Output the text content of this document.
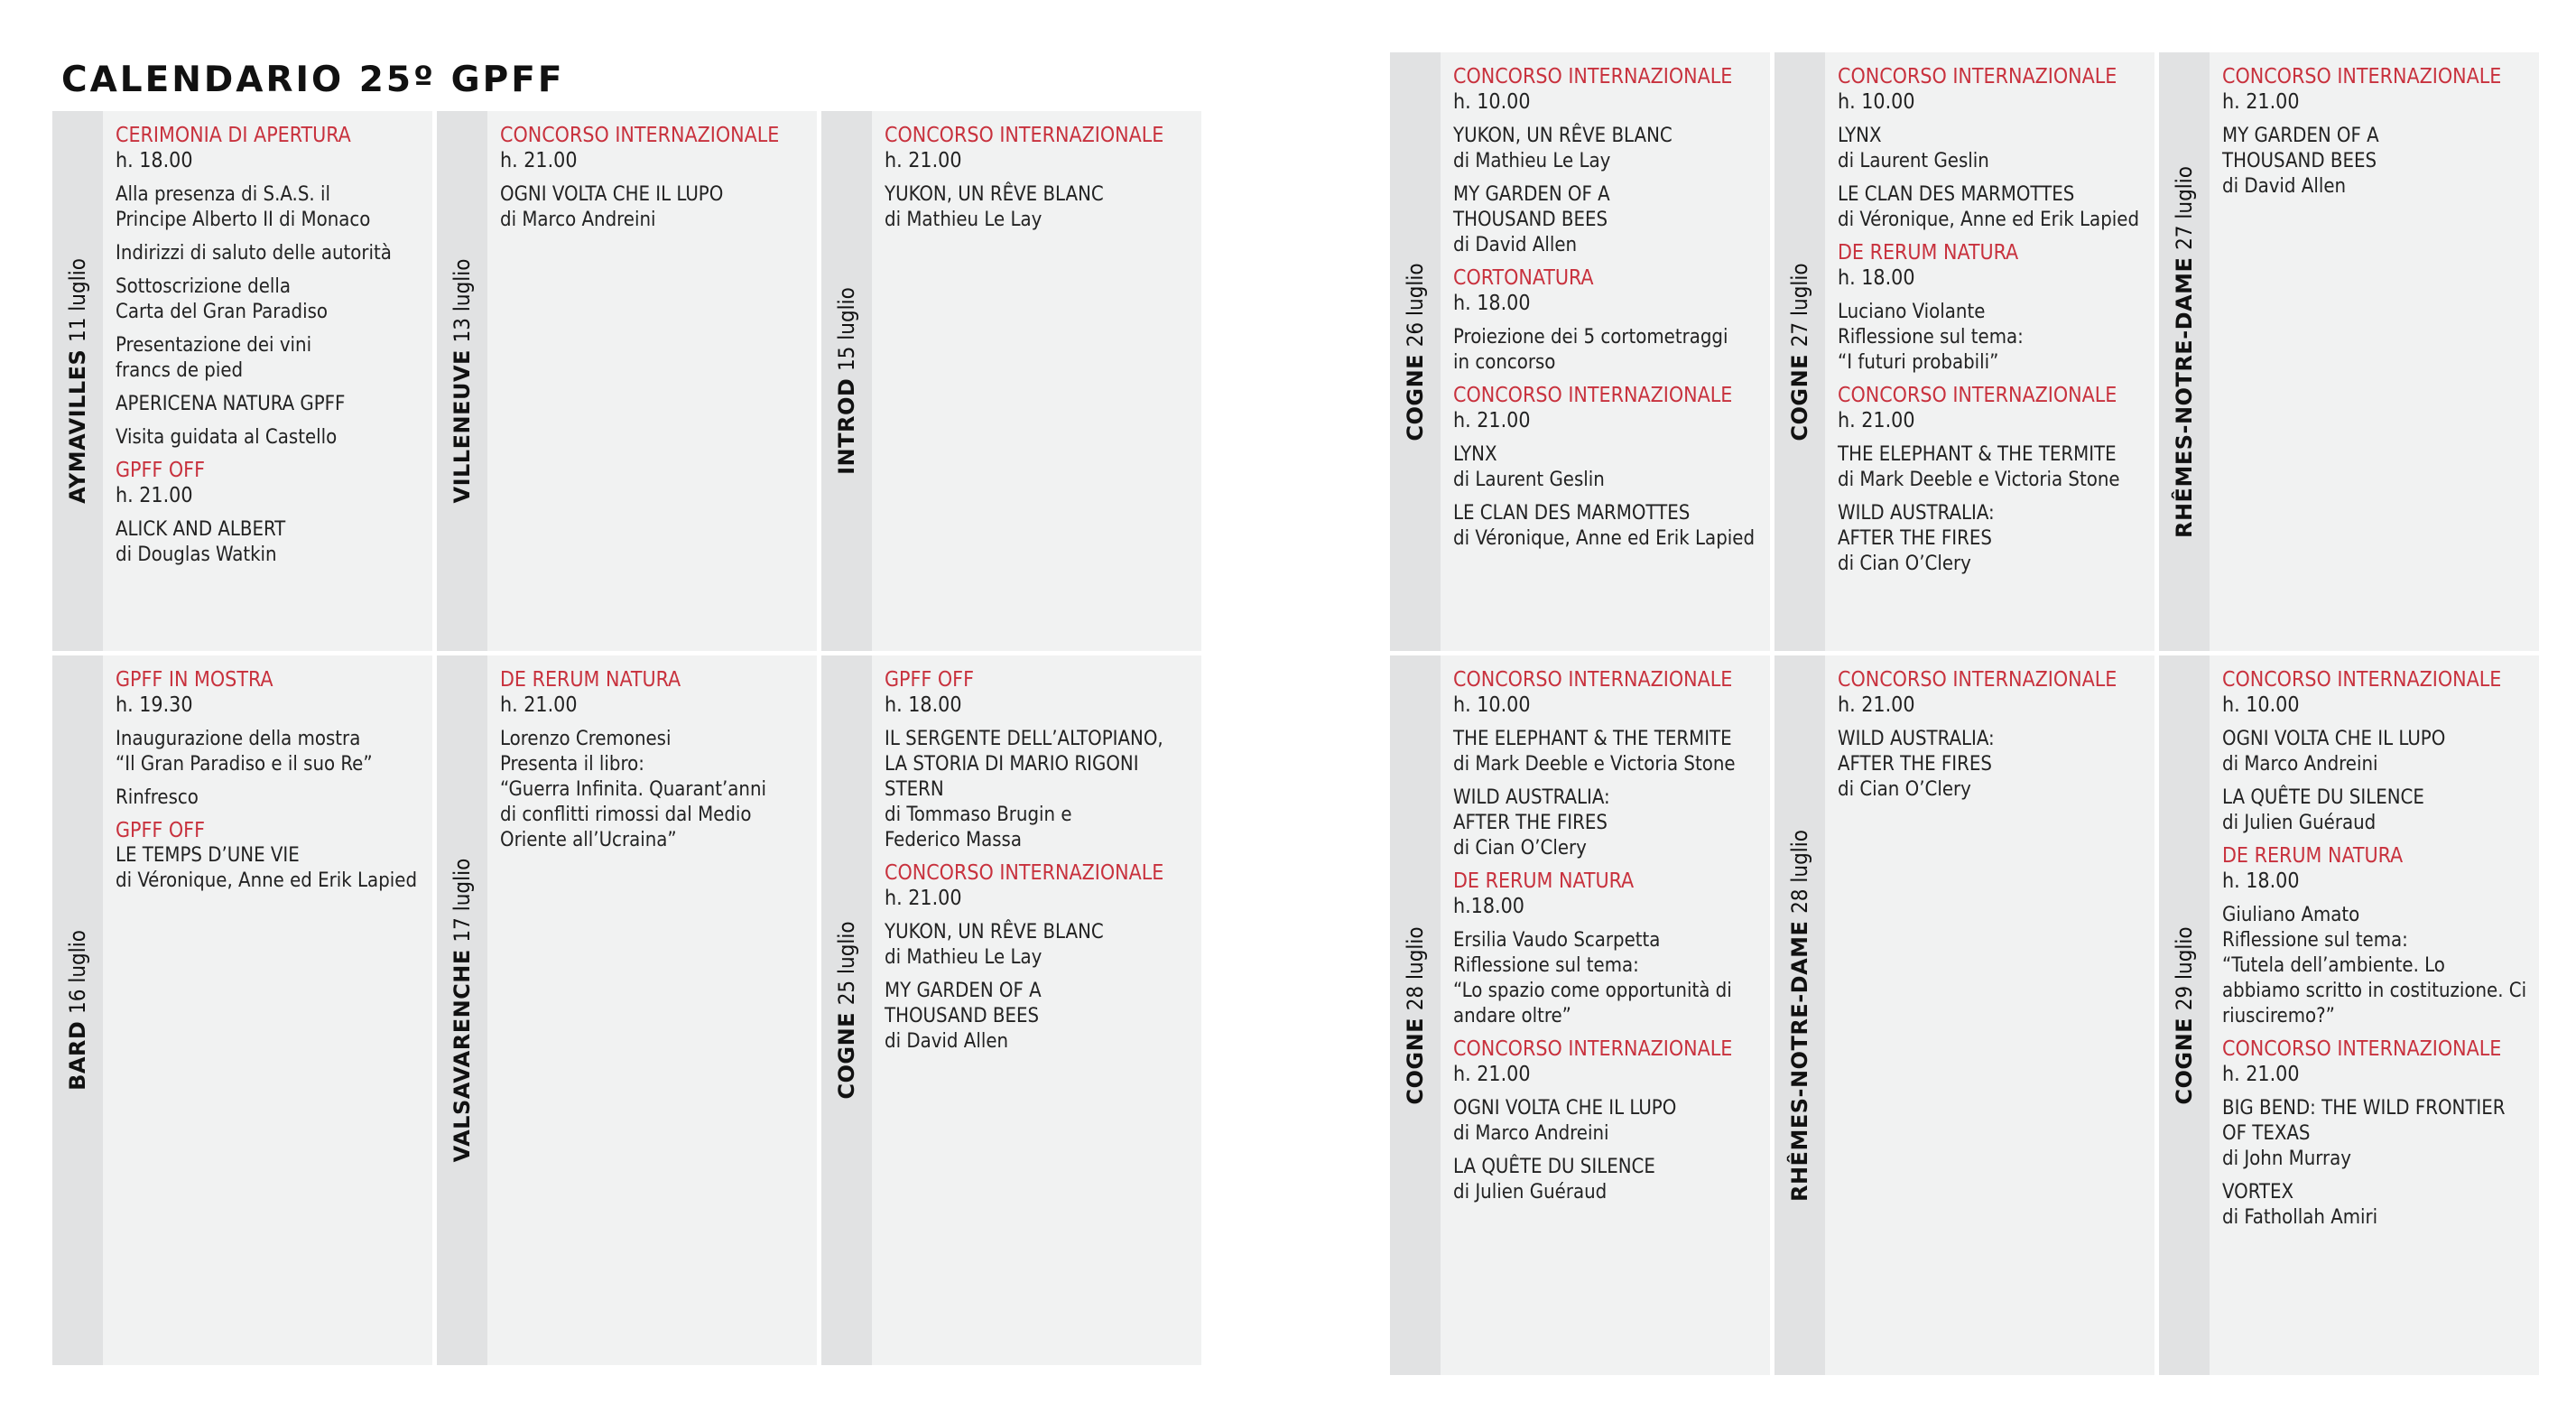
CALENDARIO 25º GPFF
AYMAVILLES 11 luglio
CERIMONIA DI APERTURA
h. 18.00
Alla presenza di S.A.S. il
Principe Alberto II di Monaco
Indirizzi di saluto delle autorità
Sottoscrizione della
Carta del Gran Paradiso
Presentazione dei vini
francs de pied
APERICENA NATURA GPFF
Visita guidata al Castello
GPFF OFF
h. 21.00
ALICK AND ALBERT
di Douglas Watkin
VILLENEUVE 13 luglio
CONCORSO INTERNAZIONALE
h. 21.00
OGNI VOLTA CHE IL LUPO
di Marco Andreini
INTROD 15 luglio
CONCORSO INTERNAZIONALE
h. 21.00
YUKON, UN RÊVE BLANC
di Mathieu Le Lay
BARD 16 luglio
GPFF IN MOSTRA
h. 19.30
Inaugurazione della mostra
“Il Gran Paradiso e il suo Re”
Rinfresco
GPFF OFF
LE TEMPS D’UNE VIE
di Véronique, Anne ed Erik Lapied
VALSAVARENCHE 17 luglio
DE RERUM NATURA
h. 21.00
Lorenzo Cremonesi
Presenta il libro:
“Guerra Infinita. Quarant’anni
di conflitti rimossi dal Medio
Oriente all’Ucraina”
COGNE 25 luglio
GPFF OFF
h. 18.00
IL SERGENTE DELL’ALTOPIANO,
LA STORIA DI MARIO RIGONI
STERN
di Tommaso Brugin e
Federico Massa
CONCORSO INTERNAZIONALE
h. 21.00
YUKON, UN RÊVE BLANC
di Mathieu Le Lay
MY GARDEN OF A
THOUSAND BEES
di David Allen
COGNE 26 luglio
CONCORSO INTERNAZIONALE
h. 10.00
YUKON, UN RÊVE BLANC
di Mathieu Le Lay
MY GARDEN OF A
THOUSAND BEES
di David Allen
CORTONATURA
h. 18.00
Proiezione dei 5 cortometraggi
in concorso
CONCORSO INTERNAZIONALE
h. 21.00
LYNX
di Laurent Geslin
LE CLAN DES MARMOTTES
di Véronique, Anne ed Erik Lapied
COGNE 27 luglio
CONCORSO INTERNAZIONALE
h. 10.00
LYNX
di Laurent Geslin
LE CLAN DES MARMOTTES
di Véronique, Anne ed Erik Lapied
DE RERUM NATURA
h. 18.00
Luciano Violante
Riflessione sul tema:
“I futuri probabili”
CONCORSO INTERNAZIONALE
h. 21.00
THE ELEPHANT & THE TERMITE
di Mark Deeble e Victoria Stone
WILD AUSTRALIA:
AFTER THE FIRES
di Cian O’Clery
RHÊMES-NOTRE-DAME 27 luglio
CONCORSO INTERNAZIONALE
h. 21.00
MY GARDEN OF A
THOUSAND BEES
di David Allen
COGNE 28 luglio
CONCORSO INTERNAZIONALE
h. 10.00
THE ELEPHANT & THE TERMITE
di Mark Deeble e Victoria Stone
WILD AUSTRALIA:
AFTER THE FIRES
di Cian O’Clery
DE RERUM NATURA
h.18.00
Ersilia Vaudo Scarpetta
Riflessione sul tema:
“Lo spazio come opportunità di
andare oltre”
CONCORSO INTERNAZIONALE
h. 21.00
OGNI VOLTA CHE IL LUPO
di Marco Andreini
LA QUÊTE DU SILENCE
di Julien Guéraud	RHÊMES-NOTRE-DAME 28 luglio
CONCORSO INTERNAZIONALE
h. 21.00
WILD AUSTRALIA:
AFTER THE FIRES
di Cian O’Clery
COGNE 29 luglio
CONCORSO INTERNAZIONALE
h. 10.00
OGNI VOLTA CHE IL LUPO
di Marco Andreini
LA QUÊTE DU SILENCE
di Julien Guéraud
DE RERUM NATURA
h. 18.00
Giuliano Amato
Riflessione sul tema:
“Tutela dell’ambiente. Lo
abbiamo scritto in costituzione. Ci
riusciremo?”
CONCORSO INTERNAZIONALE
h. 21.00
BIG BEND: THE WILD FRONTIER
OF TEXAS
di John Murray
VORTEX
di Fathollah Amiri
